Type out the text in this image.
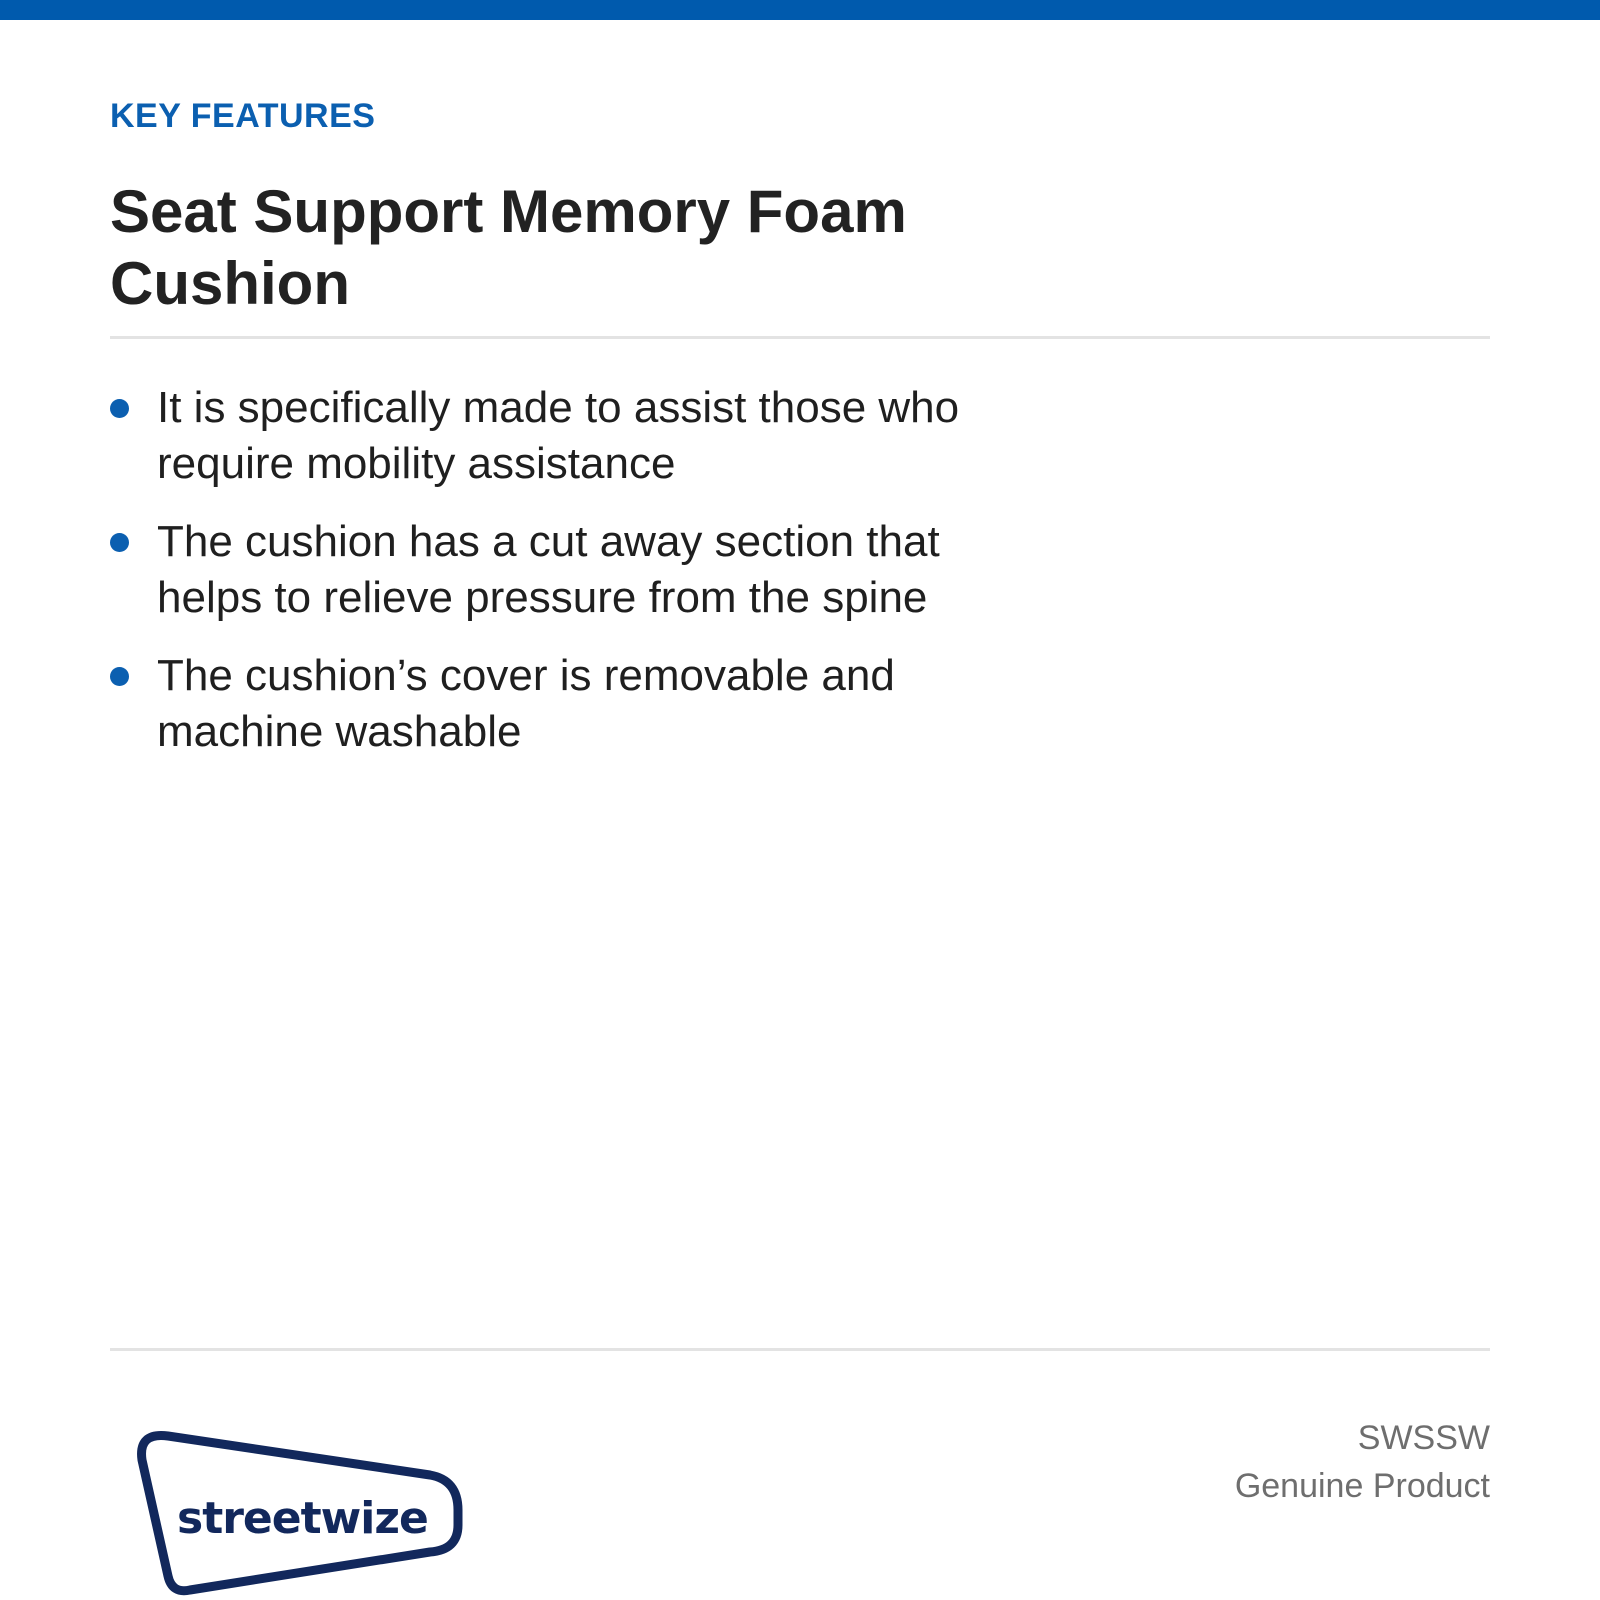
KEY FEATURES
Seat Support Memory Foam Cushion
It is specifically made to assist those who require mobility assistance
The cushion has a cut away section that helps to relieve pressure from the spine
The cushion’s cover is removable and machine washable
streetwize
SWSSW
Genuine Product
